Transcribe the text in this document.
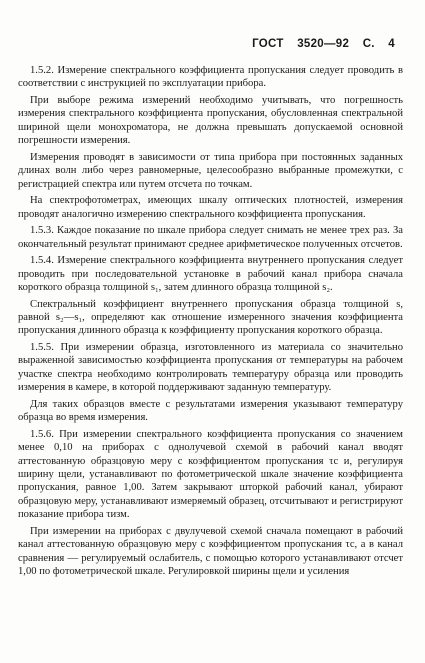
ГОСТ 3520—92 С. 4

1.5.2. Измерение спектрального коэффициента пропускания следует проводить в соответствии с инструкцией по эксплуатации прибора.

При выборе режима измерений необходимо учитывать, что погрешность измерения спектрального коэффициента пропускания, обусловленная спектральной шириной щели монохроматора, не должна превышать допускаемой основной погрешности измерения.

Измерения проводят в зависимости от типа прибора при постоянных заданных длинах волн либо через равномерные, целесообразно выбранные промежутки, с регистрацией спектра или путем отсчета по точкам.

На спектрофотометрах, имеющих шкалу оптических плотностей, измерения проводят аналогично измерению спектрального коэффициента пропускания.

1.5.3. Каждое показание по шкале прибора следует снимать не менее трех раз. За окончательный результат принимают среднее арифметическое полученных отсчетов.

1.5.4. Измерение спектрального коэффициента внутреннего пропускания следует проводить при последовательной установке в рабочий канал прибора сначала короткого образца толщиной s₁, затем длинного образца толщиной s₂.

Спектральный коэффициент внутреннего пропускания образца толщиной s, равной s₂—s₁, определяют как отношение измеренного значения коэффициента пропускания длинного образца к коэффициенту пропускания короткого образца.

1.5.5. При измерении образца, изготовленного из материала со значительно выраженной зависимостью коэффициента пропускания от температуры на рабочем участке спектра необходимо контролировать температуру образца или проводить измерения в камере, в которой поддерживают заданную температуру.

Для таких образцов вместе с результатами измерения указывают температуру образца во время измерения.

1.5.6. При измерении спектрального коэффициента пропускания со значением менее 0,10 на приборах с однолучевой схемой в рабочий канал вводят аттестованную образцовую меру с коэффициентом пропускания τc и, регулируя ширину щели, устанавливают по фотометрической шкале значение коэффициента пропускания, равное 1,00. Затем закрывают шторкой рабочий канал, убирают образцовую меру, устанавливают измеряемый образец, отсчитывают и регистрируют показание прибора τизм.

При измерении на приборах с двулучевой схемой сначала помещают в рабочий канал аттестованную образцовую меру с коэффициентом пропускания τc, а в канал сравнения — регулируемый ослабитель, с помощью которого устанавливают отсчет 1,00 по фотометрической шкале. Регулировкой ширины щели и усиления
